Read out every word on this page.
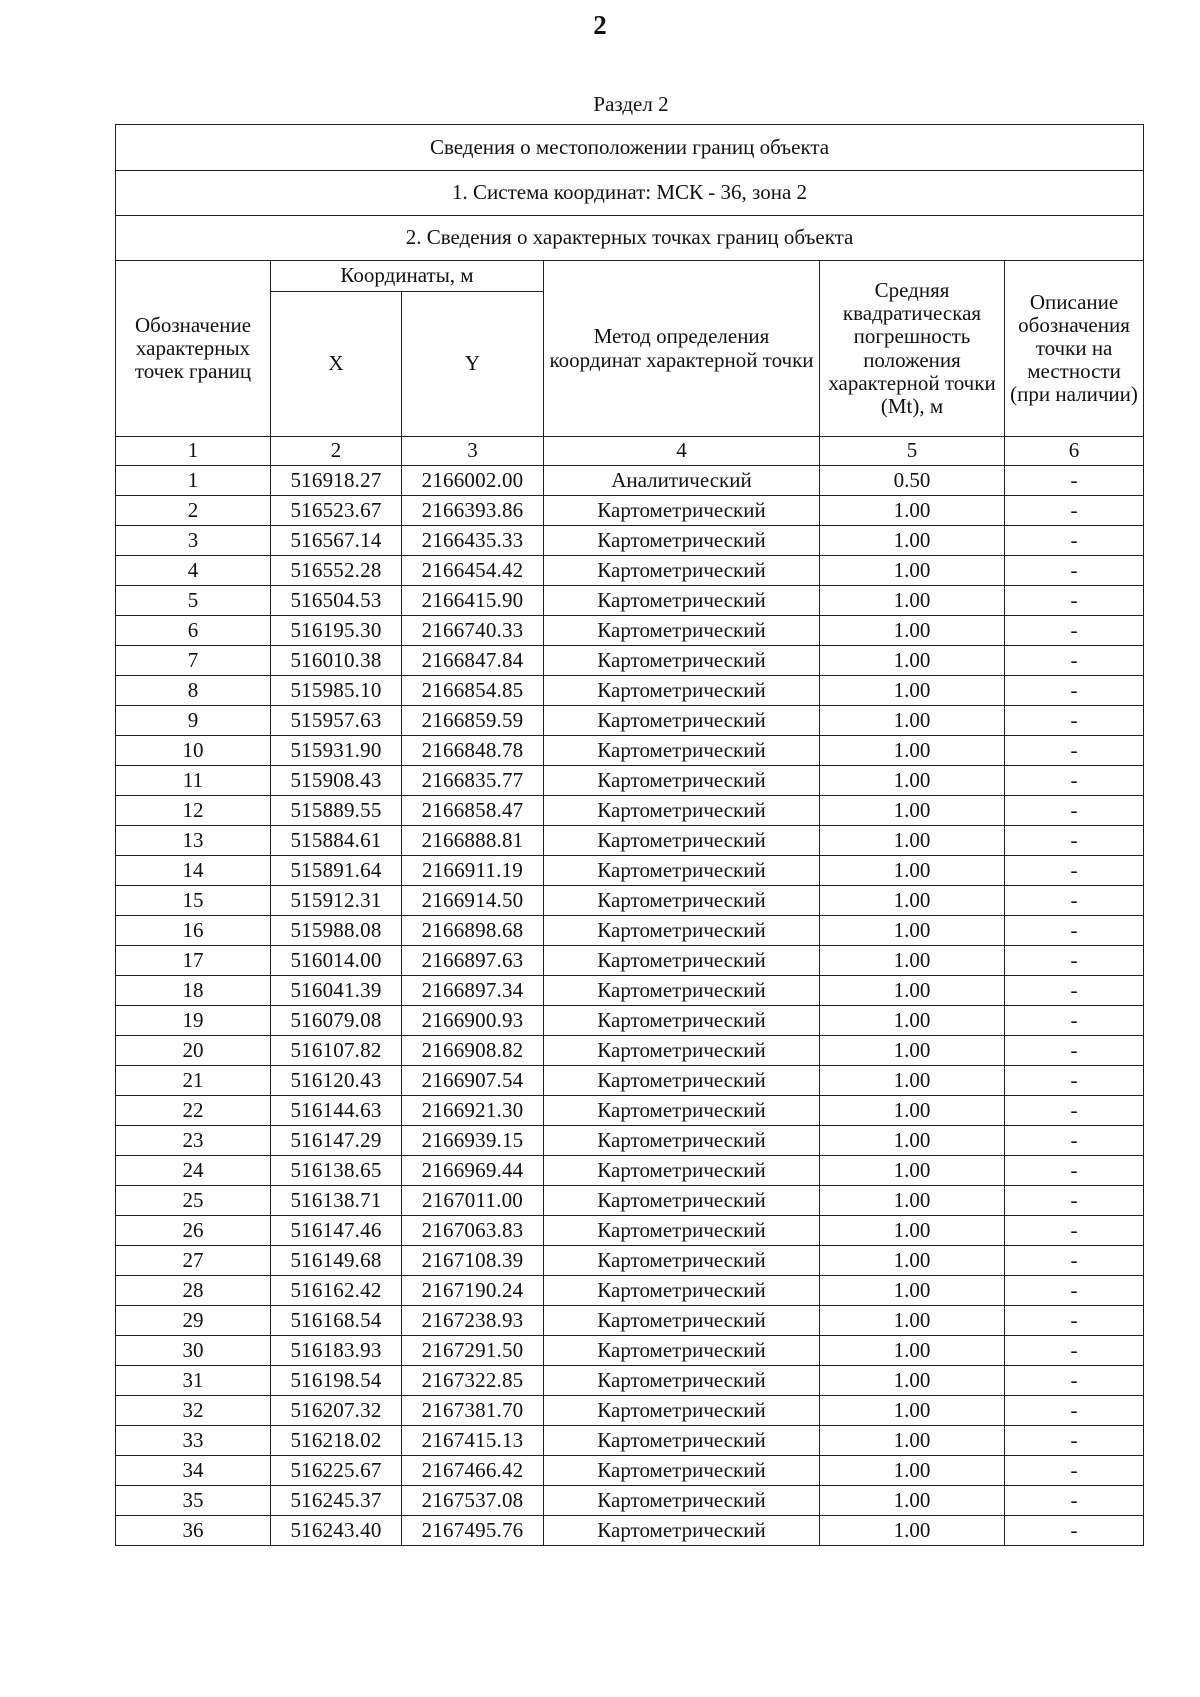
2
Раздел 2
Сведения о местоположении границ объекта					
1. Система координат: МСК - 36, зона 2					
2. Сведения о характерных точках границ объекта					
Обозначение характерных точек границ	Координаты, м		Метод определения координат характерной точки	Средняя квадратическая погрешность положения характерной точки (Mt), м	Описание обозначения точки на местности (при наличии)
	X	Y			
1	2	3	4	5	6
1	516918.27	2166002.00	Аналитический	0.50	-
2	516523.67	2166393.86	Картометрический	1.00	-
3	516567.14	2166435.33	Картометрический	1.00	-
4	516552.28	2166454.42	Картометрический	1.00	-
5	516504.53	2166415.90	Картометрический	1.00	-
6	516195.30	2166740.33	Картометрический	1.00	-
7	516010.38	2166847.84	Картометрический	1.00	-
8	515985.10	2166854.85	Картометрический	1.00	-
9	515957.63	2166859.59	Картометрический	1.00	-
10	515931.90	2166848.78	Картометрический	1.00	-
11	515908.43	2166835.77	Картометрический	1.00	-
12	515889.55	2166858.47	Картометрический	1.00	-
13	515884.61	2166888.81	Картометрический	1.00	-
14	515891.64	2166911.19	Картометрический	1.00	-
15	515912.31	2166914.50	Картометрический	1.00	-
16	515988.08	2166898.68	Картометрический	1.00	-
17	516014.00	2166897.63	Картометрический	1.00	-
18	516041.39	2166897.34	Картометрический	1.00	-
19	516079.08	2166900.93	Картометрический	1.00	-
20	516107.82	2166908.82	Картометрический	1.00	-
21	516120.43	2166907.54	Картометрический	1.00	-
22	516144.63	2166921.30	Картометрический	1.00	-
23	516147.29	2166939.15	Картометрический	1.00	-
24	516138.65	2166969.44	Картометрический	1.00	-
25	516138.71	2167011.00	Картометрический	1.00	-
26	516147.46	2167063.83	Картометрический	1.00	-
27	516149.68	2167108.39	Картометрический	1.00	-
28	516162.42	2167190.24	Картометрический	1.00	-
29	516168.54	2167238.93	Картометрический	1.00	-
30	516183.93	2167291.50	Картометрический	1.00	-
31	516198.54	2167322.85	Картометрический	1.00	-
32	516207.32	2167381.70	Картометрический	1.00	-
33	516218.02	2167415.13	Картометрический	1.00	-
34	516225.67	2167466.42	Картометрический	1.00	-
35	516245.37	2167537.08	Картометрический	1.00	-
36	516243.40	2167495.76	Картометрический	1.00	-
